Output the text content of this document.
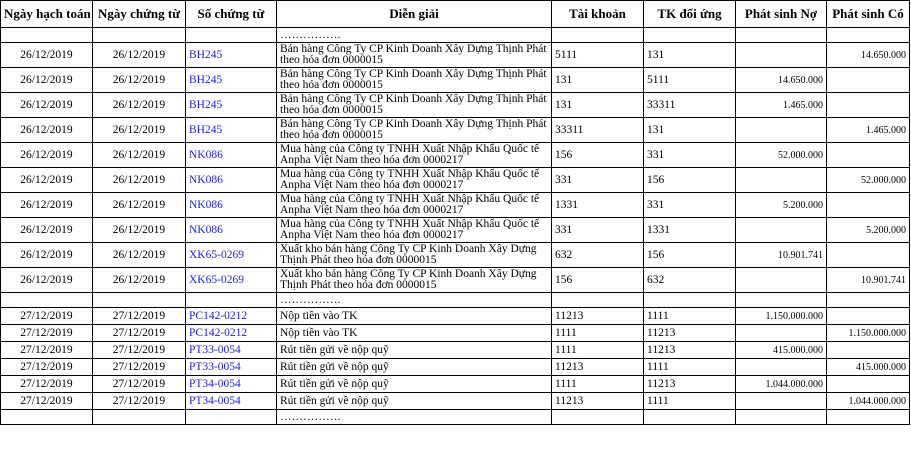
Ngày hạch toán	Ngày chứng từ	Số chứng từ	Diễn giải	Tài khoản	TK đối ứng	Phát sinh Nợ	Phát sinh Có
			…………….				
26/12/2019	26/12/2019	BH245	Bán hàng Công Ty CP Kinh Doanh Xây Dựng Thịnh Phát theo hóa đơn 0000015	5111	131		14.650.000
26/12/2019	26/12/2019	BH245	Bán hàng Công Ty CP Kinh Doanh Xây Dựng Thịnh Phát theo hóa đơn 0000015	131	5111	14.650.000	
26/12/2019	26/12/2019	BH245	Bán hàng Công Ty CP Kinh Doanh Xây Dựng Thịnh Phát theo hóa đơn 0000015	131	33311	1.465.000	
26/12/2019	26/12/2019	BH245	Bán hàng Công Ty CP Kinh Doanh Xây Dựng Thịnh Phát theo hóa đơn 0000015	33311	131		1.465.000
26/12/2019	26/12/2019	NK086	Mua hàng của Công ty TNHH Xuất Nhập Khẩu Quốc tế Anpha Việt Nam theo hóa đơn 0000217	156	331	52.000.000	
26/12/2019	26/12/2019	NK086	Mua hàng của Công ty TNHH Xuất Nhập Khẩu Quốc tế Anpha Việt Nam theo hóa đơn 0000217	331	156		52.000.000
26/12/2019	26/12/2019	NK086	Mua hàng của Công ty TNHH Xuất Nhập Khẩu Quốc tế Anpha Việt Nam theo hóa đơn 0000217	1331	331	5.200.000	
26/12/2019	26/12/2019	NK086	Mua hàng của Công ty TNHH Xuất Nhập Khẩu Quốc tế Anpha Việt Nam theo hóa đơn 0000217	331	1331		5.200.000
26/12/2019	26/12/2019	XK65-0269	Xuất kho bán hàng Công Ty CP Kinh Doanh Xây Dựng Thịnh Phát theo hóa đơn 0000015	632	156	10.901.741	
26/12/2019	26/12/2019	XK65-0269	Xuất kho bán hàng Công Ty CP Kinh Doanh Xây Dựng Thịnh Phát theo hóa đơn 0000015	156	632		10.901.741
			…………….				
27/12/2019	27/12/2019	PC142-0212	Nộp tiền vào TK	11213	1111	1.150.000.000	
27/12/2019	27/12/2019	PC142-0212	Nộp tiền vào TK	1111	11213		1.150.000.000
27/12/2019	27/12/2019	PT33-0054	Rút tiền gửi về nộp quỹ	1111	11213	415.000.000	
27/12/2019	27/12/2019	PT33-0054	Rút tiền gửi về nộp quỹ	11213	1111		415.000.000
27/12/2019	27/12/2019	PT34-0054	Rút tiền gửi về nộp quỹ	1111	11213	1.044.000.000	
27/12/2019	27/12/2019	PT34-0054	Rút tiền gửi về nộp quỹ	11213	1111		1.044.000.000
			…………….				
